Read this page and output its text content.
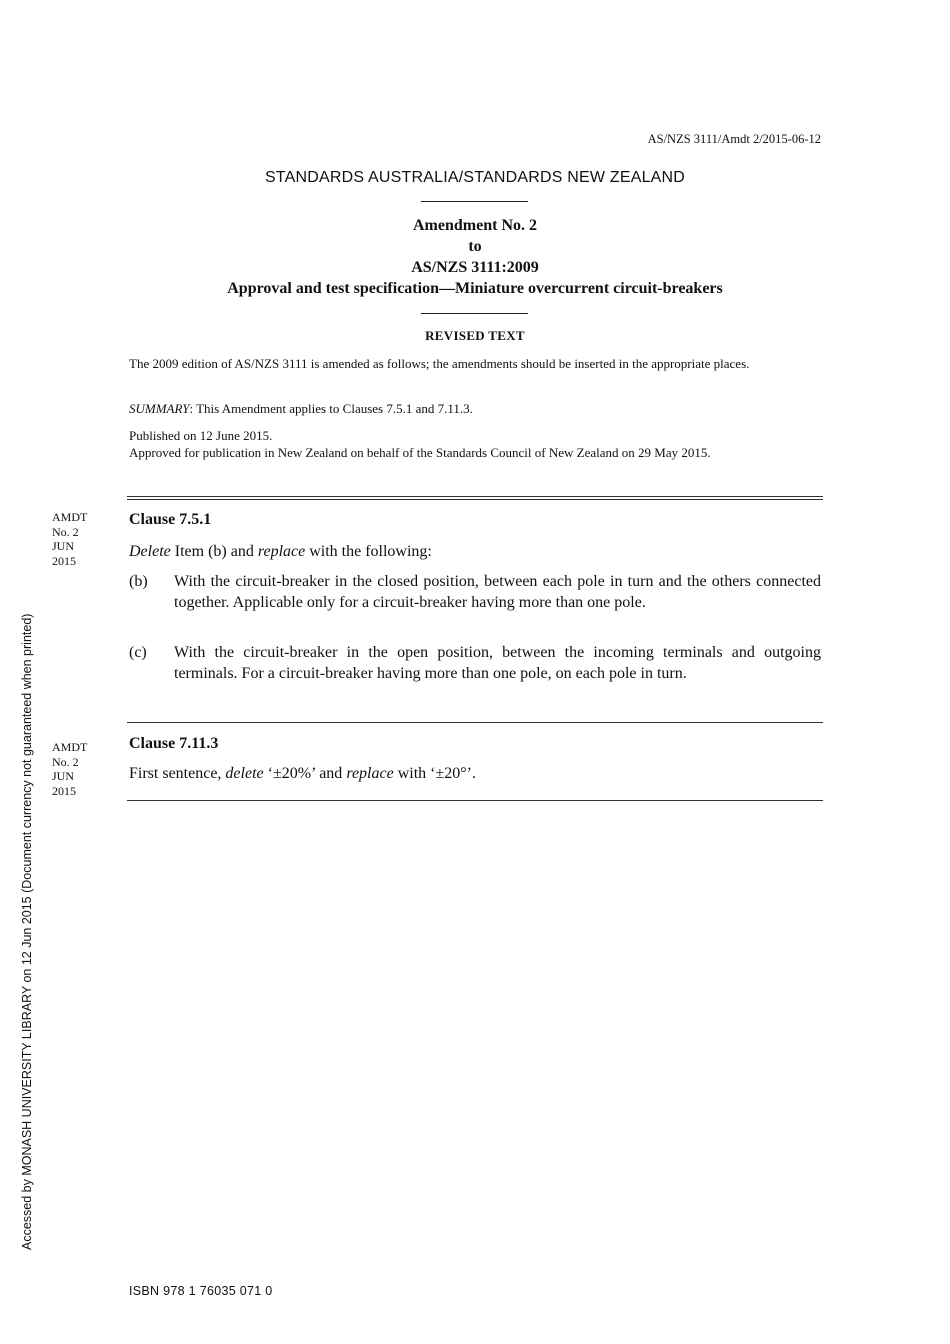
AS/NZS 3111/Amdt 2/2015-06-12
STANDARDS AUSTRALIA/STANDARDS NEW ZEALAND
Amendment No. 2
to
AS/NZS 3111:2009
Approval and test specification—Miniature overcurrent circuit-breakers
REVISED TEXT
The 2009 edition of AS/NZS 3111 is amended as follows; the amendments should be inserted in the appropriate places.
SUMMARY: This Amendment applies to Clauses 7.5.1 and 7.11.3.
Published on 12 June 2015.
Approved for publication in New Zealand on behalf of the Standards Council of New Zealand on 29 May 2015.
AMDT
No. 2
JUN
2015
Clause 7.5.1
Delete Item (b) and replace with the following:
(b) With the circuit-breaker in the closed position, between each pole in turn and the others connected together. Applicable only for a circuit-breaker having more than one pole.
(c) With the circuit-breaker in the open position, between the incoming terminals and outgoing terminals. For a circuit-breaker having more than one pole, on each pole in turn.
AMDT
No. 2
JUN
2015
Clause 7.11.3
First sentence, delete ‘±20%’ and replace with ‘±20°’.
Accessed by MONASH UNIVERSITY LIBRARY on 12 Jun 2015 (Document currency not guaranteed when printed)
ISBN 978 1 76035 071 0
